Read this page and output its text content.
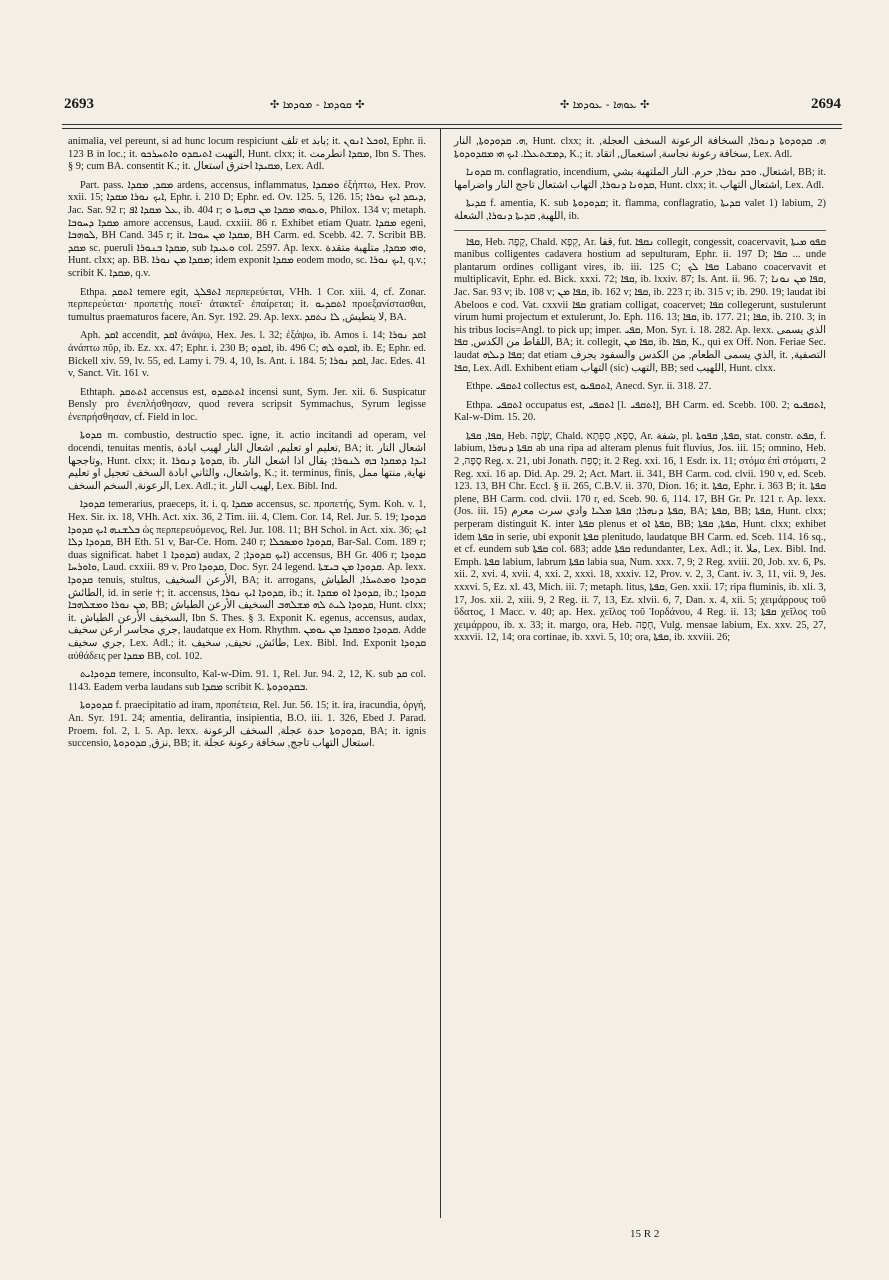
2693	✣ ܩܘܕܡܐ - ܡܘܕܡܐ ✣	✣ ܥܘܗܐ - ܥܘܕܡܐ ✣	2694

animalia, vel pereunt, si ad hunc locum respiciunt تلف et بابد; it. ܐܘܟܠ ܐܢܘܢ, Ephr. ii. 123 B in loc.; it. التهبت ܐܬܝܩܕܘ ܘܐܬܚܪܟܘ, Hunt. clxx; it. ܡܩܕܐ انطرمت, Ibn S. Thes. § 9; cum BA. consentit K.; it. ܡܩܝܕܐ احترق استعال, Lex. Adl.

Part. pass. ܡܩܕ, ܡܩܕܐ ardens, accensus, inflammatus, ܘܡܩܕܐ ἐξήπτω, Hex. Prov. xxii. 15; ܐܝܟ ܢܘܪܐ ܡܩܕܐ, Ephr. i. 210 D; Ephr. ed. Ov. 125. 5, 126. 15; ܕܝܩܕ ܐܝܟ ܢܘܪܐ, Jac. Sar. 92 r; ܥܠ ܡܩܕܐ ܐܦ, ib. 404 r; ܘܥܘܗܝ ܡܩܕܐ ܡܢ ܒܗܝܬܐ ܘ, Philox. 134 v; metaph. ܡܩܕܐ ܕܚܘܒܐ amore accensus, Laud. cxxiii. 86 r. Exhibet etiam Quatr. ܡܩܕܐ egeni, ܠܘܗܒܐ, BH Cand. 345 r; it. ܡܩܕܐ ܡܢ ܚܘܒܐ, BH Carm. ed. Scebb. 42. 7. Scribit BB. ܡܩܕ sc. pueruli ܡܩܕܐ ܒܢܘܪܐ, sub ܘܥܝܕܐ col. 2597. Ap. lexx. ܘܗܝ ܡܩܕܐ, متلهبة متقدة, Hunt. clxx; ap. BB. ܡܩܕܐ ܡܢ ܢܘܪܐ; idem exponit ܡܩܕܐ eodem modo, sc. ܐܝܟ ܢܘܪܐ, q.v.; scribit K. ܡܩܕܐ, q.v.

Ethpa. ܐܬܩܕ temere egit, ܐܬܦܠܓ περπερεύεται, VHh. 1 Cor. xiii. 4, cf. Zonar. περπερεύεται· προπετὴς ποιεῖ· ἀτακτεῖ· ἐπαίρεται; it. ܐܬܩܕܝܘ προεξανίστασθαι, tumultus praematuros facere, An. Syr. 192. 29. Ap. lexx. لا يتطيش, ܠܐ ܢܬܩܕ, BA.

Aph. ܐܩܕ accendit, ܐܩܕ ἀνάψω, Hex. Jes. l. 32; ἐξάψω, ib. Amos i. 14; ܐܩܕ ܢܘܪܐ ἀνάπτω πῦρ, ib. Ez. xx. 47; Ephr. i. 230 B; ܐܩܕܘ, ib. 496 C; ܐܩܕܘ ܠܗ, ib. E; Ephr. ed. Bickell xiv. 59, lv. 55, ed. Lamy i. 79. 4, 10, Is. Ant. i. 184. 5; ܐܩܕ ܢܘܪܐ, Jac. Edes. 41 v, Sanct. Vit. 161 v.

Ethtaph. ܐܬܬܩܕ accensus est, ܐܬܬܩܕܘ incensi sunt, Sym. Jer. xii. 6. Suspicatur Bensly pro ἐνεπλήσθησαν, quod revera scripsit Symmachus, Syrum legisse ἐνεπρήσθησαν, cf. Field in loc.

ܩܕܘܬܐ m. combustio, destructio spec. igne, it. actio incitandi ad operam, vel docendi, tenuitas mentis, تعليم او تعليم, اشعال النار لهيب ابادة, BA; it. اشعال النار وتاججها, Hunt. clxx; it. ܩܕܘܬܐ ܕܢܘܪܐ, ib. ܐܝܕܐ ܕܡܩܕܐ ܒܗ ܠܢܘܪܐ; يقال اذا اشعل النار واشعال، والثاني ابادة السخف تعجيل او تعليم, K.; it. terminus, finis, نهاية, منتها ممل الرعونة, السخم السخف, Lex. Adl.; it. لهيب النار, Lex. Bibl. Ind.

ܩܕܘܕܐ temerarius, praeceps, it. i. q. ܡܩܕܐ accensus, sc. προπετής, Sym. Koh. v. 1, Hex. Sir. ix. 18, VHh. Act. xix. 36, 2 Tim. iii. 4, Clem. Cor. 14, Rel. Jur. 5. 19; ܩܕܘܕܐ ܒܠܫܢܗ ܐܝܟ ܩܕܘܕܐ ὡς περπερευόμενος, Rel. Jur. 108. 11; BH Schol. in Act. xix. 36; ܐܝܟ ܩܕܘܕܐ ܕܠܐ, BH Eth. 51 v, Bar-Ce. Hom. 240 r; ܩܕܘܕܐ ܘܡܣܟܠܐ, Bar-Sal. Com. 189 r; duas significat. habet ܩܕܘܕܐ 1) audax, ܐܝܟ ܩܕܘܕܐ; 2) accensus, BH Gr. 406 r; ܩܕܘܕܐ ܘܐܘܪܚܐ, Laud. cxxiii. 89 v. Pro ܩܕܘܕܐ, Doc. Syr. 24 legend. ܩܕܘܕܐ ܡܢ ܒܝܫܬܐ. Ap. lexx. ܩܕܘܕܐ tenuis, stultus, الأرعن السخيف, BA; it. arrogans, ܩܕܘܕܐ ܘܡܬܚܪܐ, الطياش الطائش, id. in serie †; it. accensus, ܩܕܘܕܐ ܐܝܟ ܢܘܪܐ, ib.; it. ܩܕܘܕܐ ܐܘ ܡܩܕܐ, ib.; ܩܕܘܕܐ ܡܢ ܢܘܪܐ ܘܡܫܠܗܒܐ, BB; ܩܕܘܕܐ ܠܝܬ ܠܗ ܡܫܠܗܒ السخيف الأرعن الطياش, Hunt. clxx; it. السخيف الأرعن الطياش, Ibn S. Thes. § 3. Exponit K. egenus, accensus, audax, جري مجاسر ارعن سخيف, laudatque ex Hom. Rhythm. ܩܕܘܕܐ ܘܡܩܕܐ ܡܢ ܝܘܡܢ. Adde جري سخيف, Lex. Adl.; it. طائش, نحيف, سخيف, Lex. Bibl. Ind. Exponit ܩܕܘܕܐ αὐθάδεις per ܡܩܕܐ BB, col. 102.

ܩܕܘܕܐܝܬ temere, inconsulto, Kal-w-Dim. 91. 1, Rel. Jur. 94. 2, 12, K. sub ܩܕ col. 1143. Eadem verba laudans sub ܡܩܕܐ scribit K. ܒܩܕܘܕܘܬܐ.

ܩܕܘܕܘܬܐ f. praecipitatio ad iram, προπέτεια, Rel. Jur. 56. 15; it. ira, iracundia, ὀργή, An. Syr. 191. 24; amentia, delirantia, insipientia, B.O. iii. 1. 326, Ebed J. Parad. Proem. fol. 2, l. 5. Ap. lexx. ܩܕܘܕܘܬܐ حدة عجلة, السخف الرعونة, BA; it. ignis succensio, نزق, ܩܕܘܕܘܬܐ, BB; it. استعال التهاب تاجج, سخافة رعونة عجلة.

ܗ. ܩܕܘܕܘܬܐ, النار, Hunt. clxx; it. ܗ. ܩܕܘܕܘܬܐ ܕܢܘܪܐ, السخافة الرعونة السخف العجلة, ܕܡܫܬܥܠܐ. ܐܝܟ ܗܝ ܡܩܕܘܕܘܬܐ, K.; it. سخافة رعونة نجاسة, استعمال, اتقاد, Lex. Adl.

ܩܕܘܢܐ m. conflagratio, incendium, اشتعال. ܘܟܕ ܢܘܪܐ, حرم. النار الملتهبة بشي, BB; it. ܩܕܘܢܐ ܕܢܘܪܐ, التهاب اشتعال تاجج النار واضرامها, Hunt. clxx; it. اشتعال التهاب, Lex. Adl.

ܩܕܝܬܐ f. amentia, K. sub ܩܕܘܕܘܬܐ; it. flamma, conflagratio, ܩܕܝܬܐ valet 1) labium, 2) اللهبة, ܩܕܝܬܐ ܕܢܘܪܐ, الشعلة, ib.

ܩܦܐ, Heb. קָפָה, Chald. קְפָא, Ar. قفا, fut. ܢܩܦܐ collegit, congessit, coacervavit, ܩܦܘ ܡܝܬܐ manibus colligentes cadavera hostium ad sepulturam, Ephr. ii. 197 D; ܩܦܐ ... unde plantarum ordines colligant vires, ib. iii. 125 C; ܩܦܐ ܠܟ Labano coacervavit et multiplicavit, Ephr. ed. Bick. xxxi. 72; ܩܦܐ, ib. lxxiv. 87; Is. Ant. ii. 96. 7; ܩܦܐ ܡܢ ܢܘܢܐ, Jac. Sar. 93 v; ib. 108 v; ܩܦܐ ܡܢ, ib. 162 v; ܩܦܐ, ib. 223 r; ib. 315 v; ib. 290. 19; laudat ibi Abeloos e cod. Vat. cxxvii ܩܦܐ gratiam colligat, coacervet; ܩܦܐ collegerunt, sustulerunt virum humi projectum et extulerunt, Jo. Eph. 116. 13; ܩܦܐ, ib. 177. 21; ܩܦܐ, ib. 210. 3; in his tribus locis=Angl. to pick up; imper. ܩܦܝ, Mon. Syr. i. 18. 282. Ap. lexx. الذي يسمى اللقاط من الكدس, ܩܦܐ, BA; it. collegit, ܩܦܐ ܡܢ, ib. ܩܦܐ, K., qui ex Off. Non. Feriae Sec. laudat ܩܦܐ ܕܝܠܗ; dat etiam الذي يسمى الطعام, من الكدس والسفود يجرف, it. التصفية, ܩܦܐ, Lex. Adl. Exhibent etiam التهاب (sic) التهب, BB; sed اللهيب, Hunt. clxx.

Ethpe. ܐܬܩܦܝ collectus est, ܐܬܩܦܝܘ, Anecd. Syr. ii. 318. 27.

Ethpa. ܐܬܩܦܝ occupatus est, ܐܬܩܦܝ [l. ܐܬܩܦܝ], BH Carm. ed. Scebb. 100. 2; ܐܬܩܦܝܘ, Kal-w-Dim. 15. 20.

ܩܦܐ, ܩܦܬܐ, Heb. שָׂפָה, Chald. סְפָא, סִפְתָא, Ar. شفة, pl. ܩܦܬܐ, ܩܦܘܬܐ, stat. constr. ܩܦܬ, f. labium, ܩܦܬܐ ܕܢܗܪܐ ab una ripa ad alteram plenus fuit fluvius, Jos. iii. 15; omnino, Heb. סָפָה, 2 Reg. x. 21, ubi Jonath. סְפַת; it. 2 Reg. xxi. 16, 1 Esdr. ix. 11; στόμα ἐπὶ στόματι, 2 Reg. xxi. 16 ap. Did. Ap. 29. 2; Act. Mart. ii. 341, BH Carm. cod. clvii. 190 v, ed. Sceb. 123. 13, BH Chr. Eccl. § ii. 265, C.B.V. ii. 370, Dion. 16; it. ܩܦܬܐ, Ephr. i. 363 B; it. ܩܦܬܐ plene, BH Carm. cod. clvii. 170 r, ed. Sceb. 90. 6, 114. 17, BH Gr. Pr. 121 r. Ap. lexx. (Jos. iii. 15) ܩܦܬܐ ܕܢܗܪܐ; ܩܦܬܐ ܡܠܝܐ وادي سرت معرم, BA; ܩܦܬܐ, BB; ܩܦܬܐ, Hunt. clxx; perperam distinguit K. inter ܩܦܬܐ plenus et ܩܦܬܐ ܐܘ, BB; ܩܦܬܐ, ܩܦܬܐ, Hunt. clxx; exhibet idem ܩܦܬܐ in serie, ubi exponit ܩܦܬܐ plenitudo, laudatque BH Carm. ed. Sceb. 114. 16 sq., et cf. eundem sub ܩܦܬܐ col. 683; adde ܩܦܬܐ redundanter, Lex. Adl.; it. ملا, Lex. Bibl. Ind. Emph. ܩܦܬܐ labium, labrum ܩܦܬܐ labia sua, Num. xxx. 7, 9; 2 Reg. xviii. 20, Job. xv. 6, Ps. xii. 2, xvi. 4, xvii. 4, xxi. 2, xxxi. 18, xxxiv. 12, Prov. v. 2, 3, Cant. iv. 3, 11, vii. 9, Jes. xxxvi. 5, Ez. xl. 43, Mich. iii. 7; metaph. litus, ܩܦܬܐ, Gen. xxii. 17; ripa fluminis, ib. xli. 3, 17, Jos. xii. 2, xiii. 9, 2 Reg. ii. 7, 13, Ez. xlvii. 6, 7, Dan. x. 4, xii. 5; χειμάρρους τοῦ ὕδατος, 1 Macc. v. 40; ap. Hex. χεῖλος τοῦ Ἰορδάνου, 4 Reg. ii. 13; ܩܦܬܐ χεῖλος τοῦ χειμάρρου, ib. x. 33; it. margo, ora, Heb. חָפָה, Vulg. mensae labium, Ex. xxv. 25, 27, xxxvii. 12, 14; ora cortinae, ib. xxvi. 5, 10; ora, ܩܦܬܐ, ib. xxviii. 26;

15 R 2
